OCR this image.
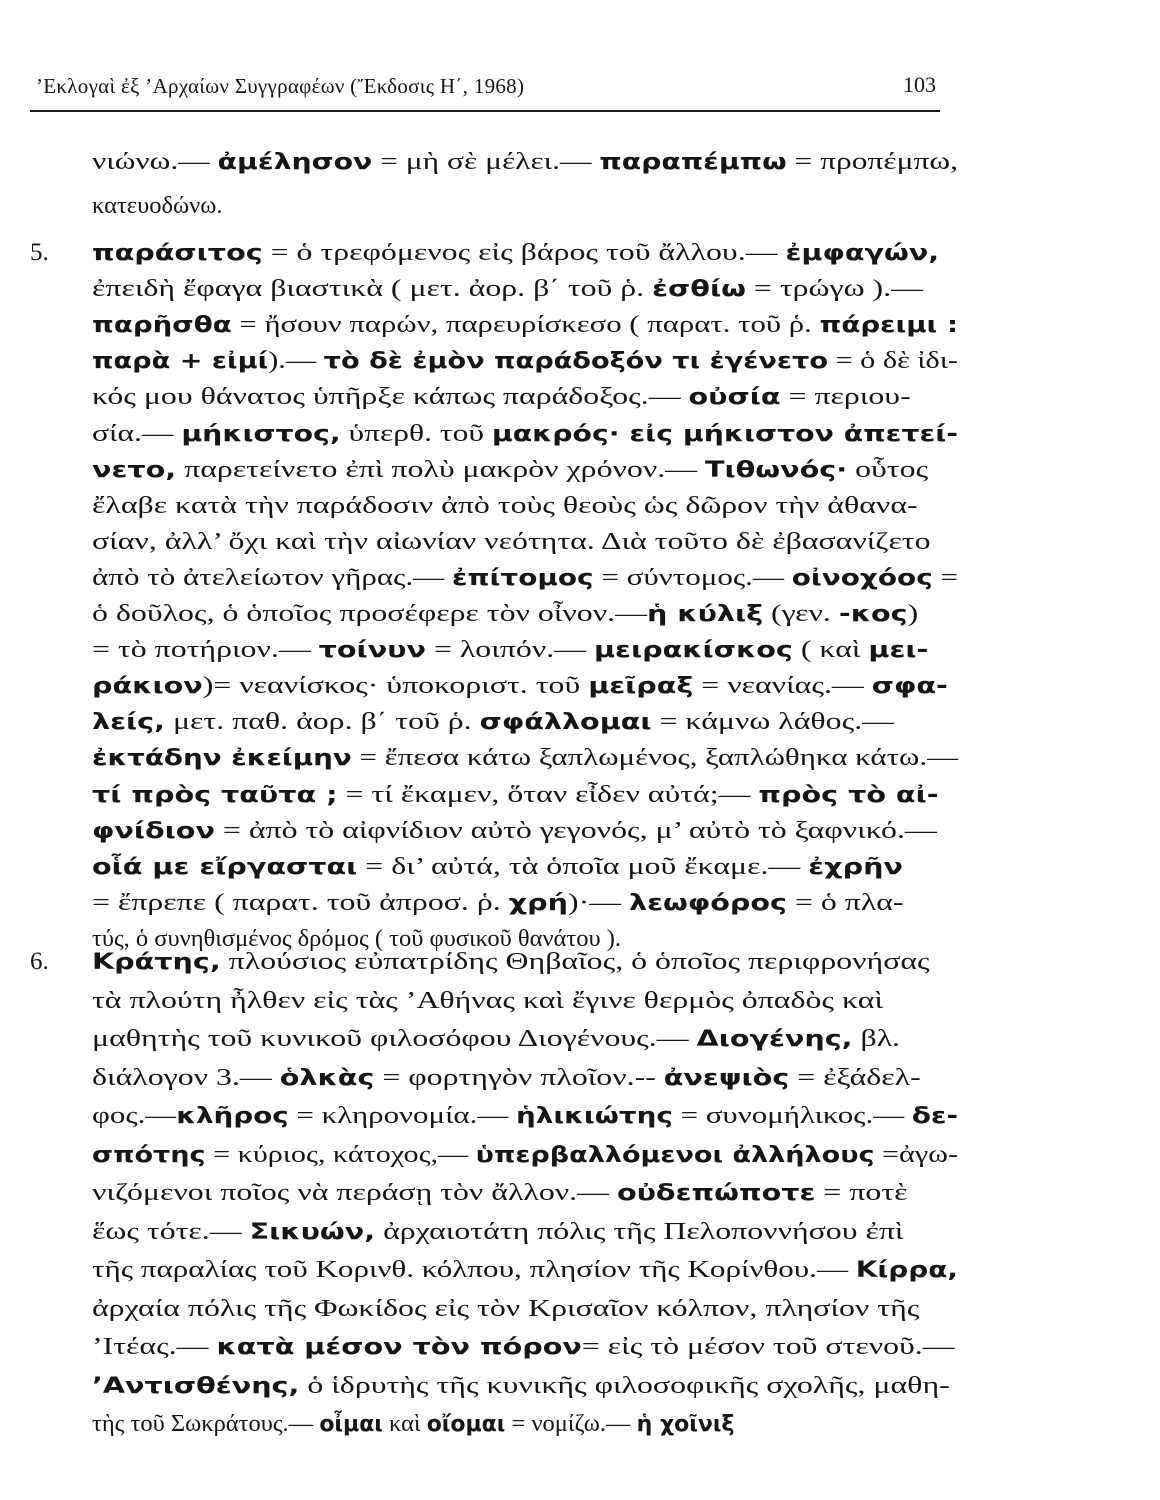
’Εκλογαὶ ἐξ ’Αρχαίων Συγγραφέων (Ἔκδοσις Η΄, 1968)	103
νιώνω.— ἀμέλησον = μὴ σὲ μέλει.— παραπέμπω = προπέμπω,
κατευοδώνω.
5. παράσιτος = ὁ τρεφόμενος εἰς βάρος τοῦ ἄλλου.— ἐμφαγών,
ἐπειδὴ ἔφαγα βιαστικὰ ( μετ. ἀορ. β΄ τοῦ ῥ. ἐσθίω = τρώγω ).—
παρῆσθα = ἤσουν παρών, παρευρίσκεσο ( παρατ. τοῦ ῥ. πάρειμι :
παρὰ + εἰμί).— τὸ δὲ ἐμὸν παράδοξόν τι ἐγένετο = ὁ δὲ ἰδι-
κός μου θάνατος ὑπῆρξε κάπως παράδοξος.— οὐσία = περιου-
σία.— μήκιστος, ὑπερθ. τοῦ μακρός· εἰς μήκιστον ἀπετεί-
νετο, παρετείνετο ἐπὶ πολὺ μακρὸν χρόνον.— Τιθωνός· οὗτος
ἔλαβε κατὰ τὴν παράδοσιν ἀπὸ τοὺς θεοὺς ὡς δῶρον τὴν ἀθανα-
σίαν, ἀλλ’ ὄχι καὶ τὴν αἰωνίαν νεότητα. Διὰ τοῦτο δὲ ἐβασανίζετο
ἀπὸ τὸ ἀτελείωτον γῆρας.— ἐπίτομος = σύντομος.— οἰνοχόος =
ὁ δοῦλος, ὁ ὁποῖος προσέφερε τὸν οἶνον.—ἡ κύλιξ (γεν. -κος)
= τὸ ποτήριον.— τοίνυν = λοιπόν.— μειρακίσκος ( καὶ μει-
ράκιον)= νεανίσκος· ὑποκοριστ. τοῦ μεῖραξ = νεανίας.— σφα-
λείς, μετ. παθ. ἀορ. β΄ τοῦ ῥ. σφάλλομαι = κάμνω λάθος.—
ἐκτάδην ἐκείμην = ἔπεσα κάτω ξαπλωμένος, ξαπλώθηκα κάτω.—
τί πρὸς ταῦτα ; = τί ἔκαμεν, ὅταν εἶδεν αὐτά;— πρὸς τὸ αἰ-
φνίδιον = ἀπὸ τὸ αἰφνίδιον αὐτὸ γεγονός, μ’ αὐτὸ τὸ ξαφνικό.—
οἷά με εἴργασται = δι’ αὐτά, τὰ ὁποῖα μοῦ ἔκαμε.— ἐχρῆν
= ἔπρεπε ( παρατ. τοῦ ἀπροσ. ῥ. χρή)·— λεωφόρος = ὁ πλα-
τύς, ὁ συνηθισμένος δρόμος ( τοῦ φυσικοῦ θανάτου ).
6. Κράτης, πλούσιος εὐπατρίδης Θηβαῖος, ὁ ὁποῖος περιφρονήσας
τὰ πλούτη ἦλθεν εἰς τὰς ’Αθήνας καὶ ἔγινε θερμὸς ὀπαδὸς καὶ
μαθητὴς τοῦ κυνικοῦ φιλοσόφου Διογένους.— Διογένης, βλ.
διάλογον 3.— ὁλκὰς = φορτηγὸν πλοῖον.-- ἀνεψιὸς = ἐξάδελ-
φος.—κλῆρος = κληρονομία.— ἡλικιώτης = συνομήλικος.— δε-
σπότης = κύριος, κάτοχος,— ὑπερβαλλόμενοι ἀλλήλους =ἀγω-
νιζόμενοι ποῖος νὰ περάσῃ τὸν ἄλλον.— οὐδεπώποτε = ποτὲ
ἕως τότε.— Σικυών, ἀρχαιοτάτη πόλις τῆς Πελοποννήσου ἐπὶ
τῆς παραλίας τοῦ Κορινθ. κόλπου, πλησίον τῆς Κορίνθου.— Κίρρα,
ἀρχαία πόλις τῆς Φωκίδος εἰς τὸν Κρισαῖον κόλπον, πλησίον τῆς
’Ιτέας.— κατὰ μέσον τὸν πόρον= εἰς τὸ μέσον τοῦ στενοῦ.—
’Αντισθένης, ὁ ἱδρυτὴς τῆς κυνικῆς φιλοσοφικῆς σχολῆς, μαθη-
τὴς τοῦ Σωκράτους.— οἶμαι καὶ οἴομαι = νομίζω.— ἡ χοῖνιξ
